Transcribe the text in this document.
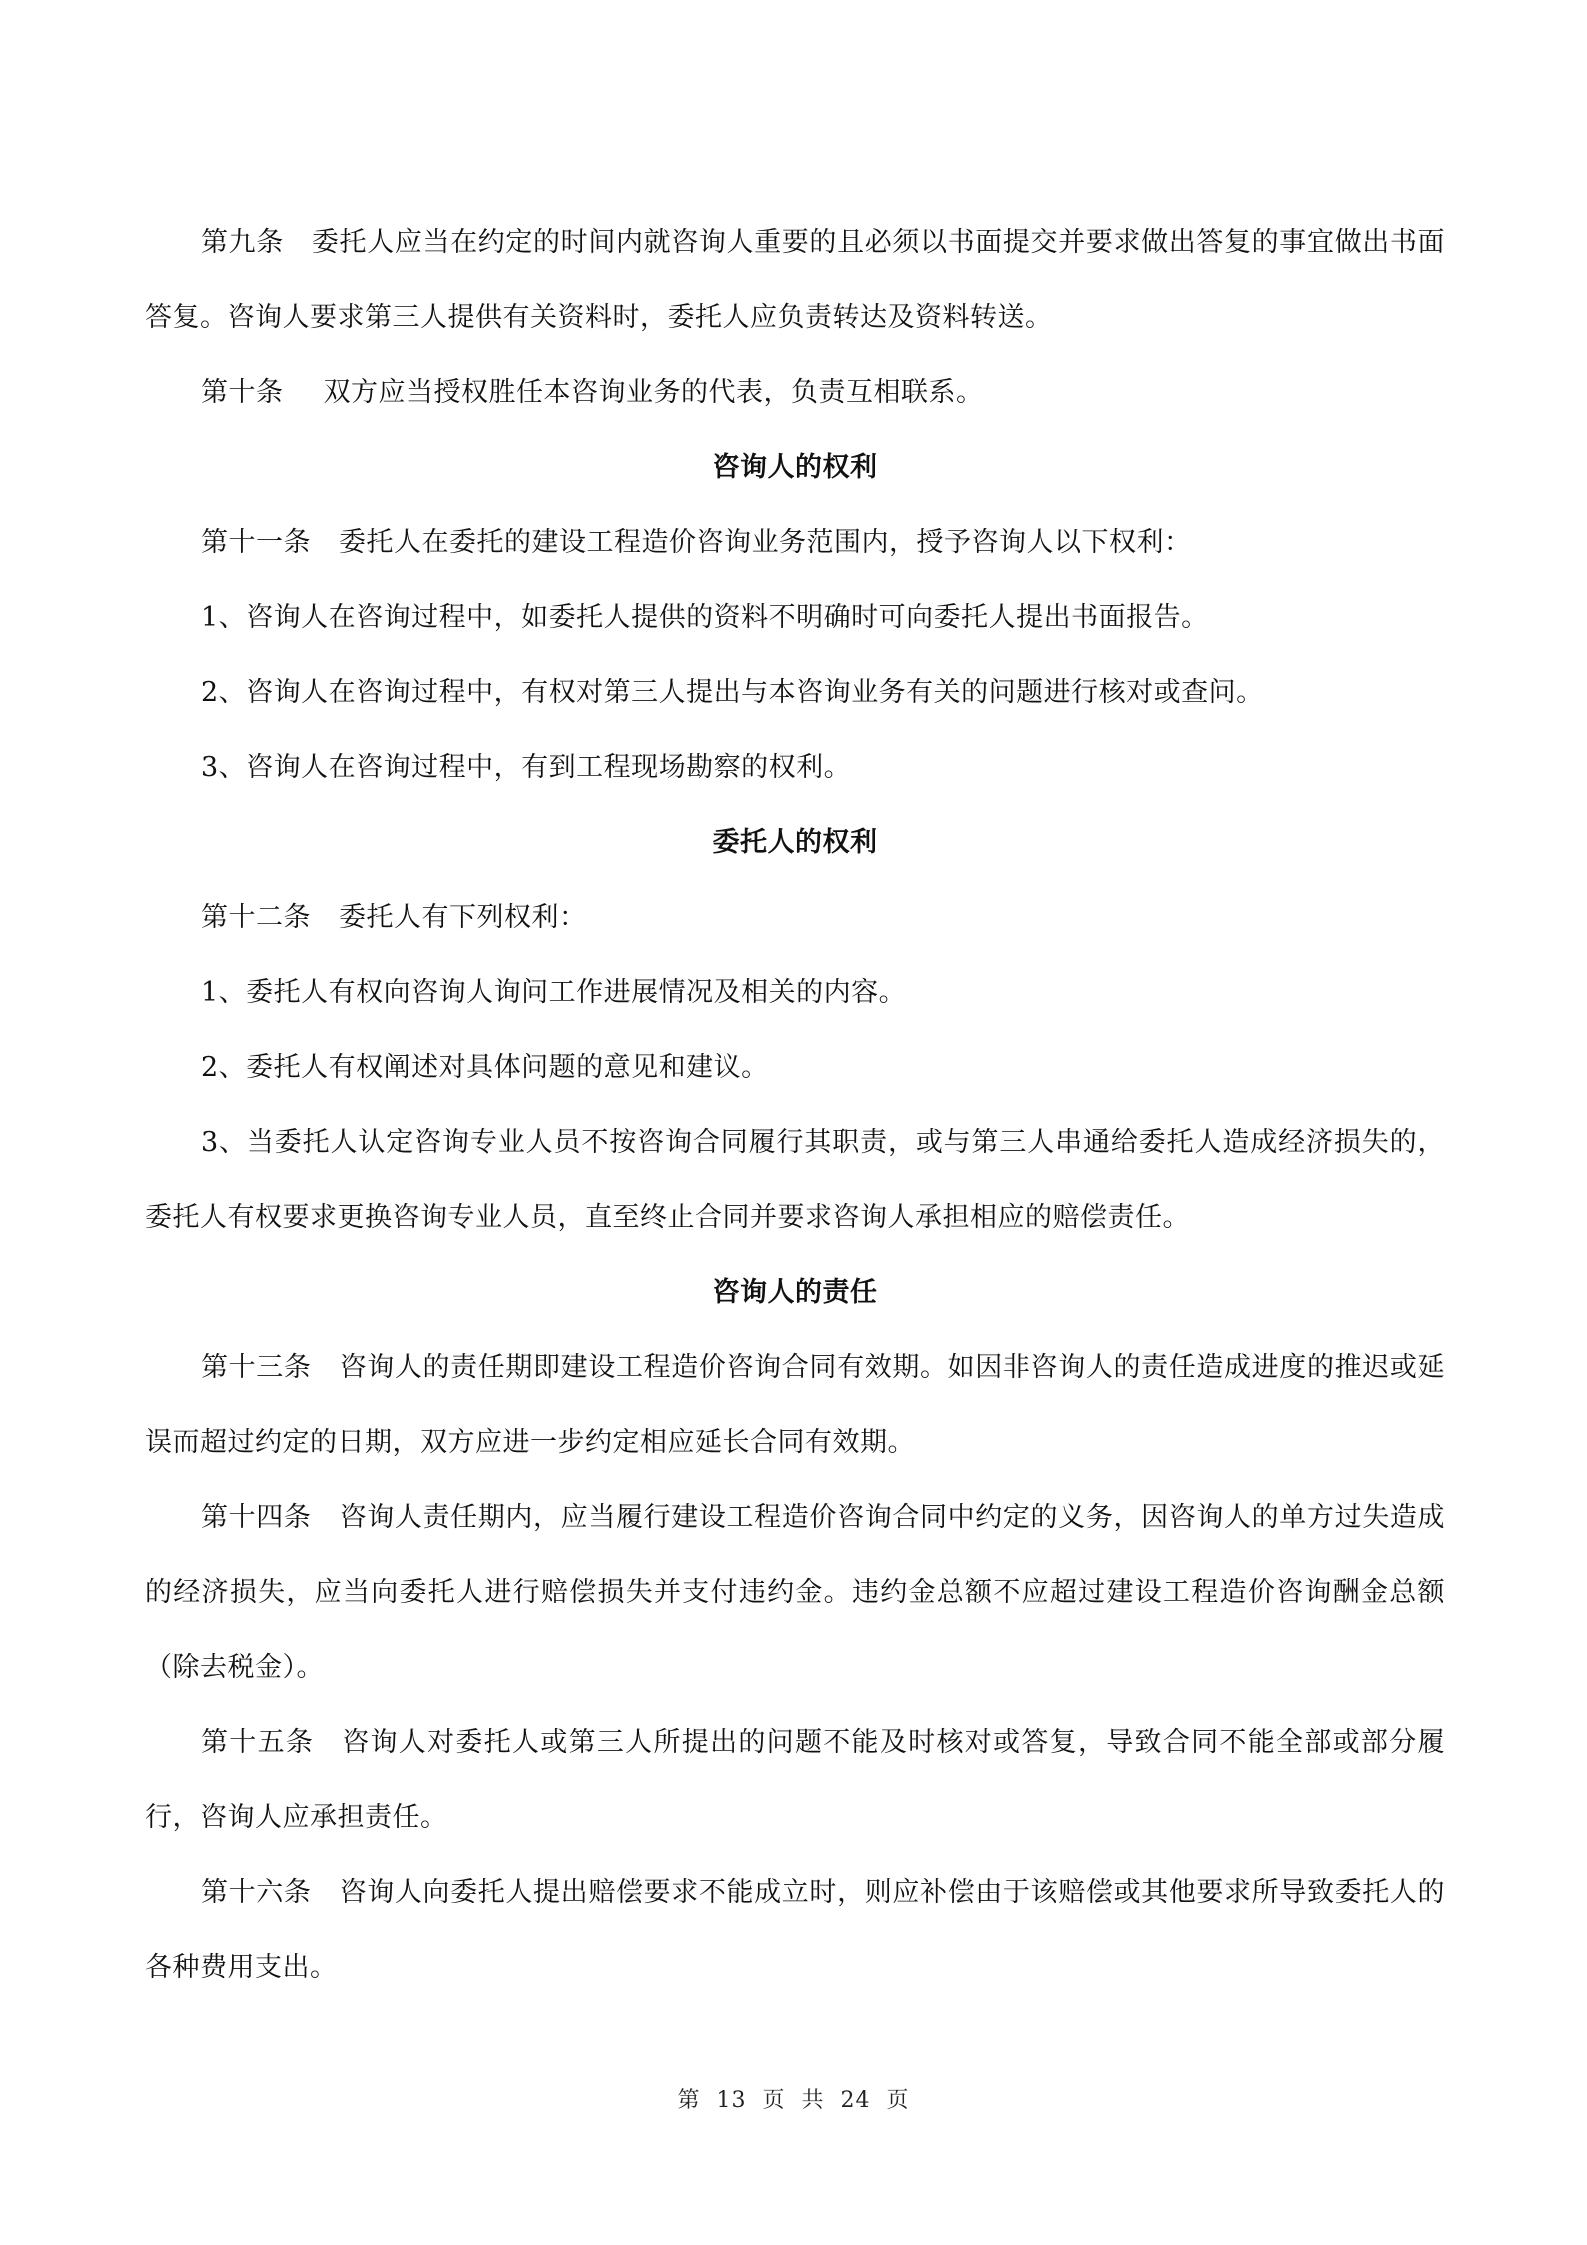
第九条 委托人应当在约定的时间内就咨询人重要的且必须以书面提交并要求做出答复的事宜做出书面答复。咨询人要求第三人提供有关资料时，委托人应负责转达及资料转送。

第十条 双方应当授权胜任本咨询业务的代表，负责互相联系。

咨询人的权利

第十一条 委托人在委托的建设工程造价咨询业务范围内，授予咨询人以下权利：

1、咨询人在咨询过程中，如委托人提供的资料不明确时可向委托人提出书面报告。

2、咨询人在咨询过程中，有权对第三人提出与本咨询业务有关的问题进行核对或查问。

3、咨询人在咨询过程中，有到工程现场勘察的权利。

委托人的权利

第十二条 委托人有下列权利：

1、委托人有权向咨询人询问工作进展情况及相关的内容。

2、委托人有权阐述对具体问题的意见和建议。

3、当委托人认定咨询专业人员不按咨询合同履行其职责，或与第三人串通给委托人造成经济损失的，委托人有权要求更换咨询专业人员，直至终止合同并要求咨询人承担相应的赔偿责任。

咨询人的责任

第十三条 咨询人的责任期即建设工程造价咨询合同有效期。如因非咨询人的责任造成进度的推迟或延误而超过约定的日期，双方应进一步约定相应延长合同有效期。

第十四条 咨询人责任期内，应当履行建设工程造价咨询合同中约定的义务，因咨询人的单方过失造成的经济损失，应当向委托人进行赔偿损失并支付违约金。违约金总额不应超过建设工程造价咨询酬金总额（除去税金）。

第十五条 咨询人对委托人或第三人所提出的问题不能及时核对或答复，导致合同不能全部或部分履行，咨询人应承担责任。

第十六条 咨询人向委托人提出赔偿要求不能成立时，则应补偿由于该赔偿或其他要求所导致委托人的各种费用支出。

第 13 页 共 24 页
